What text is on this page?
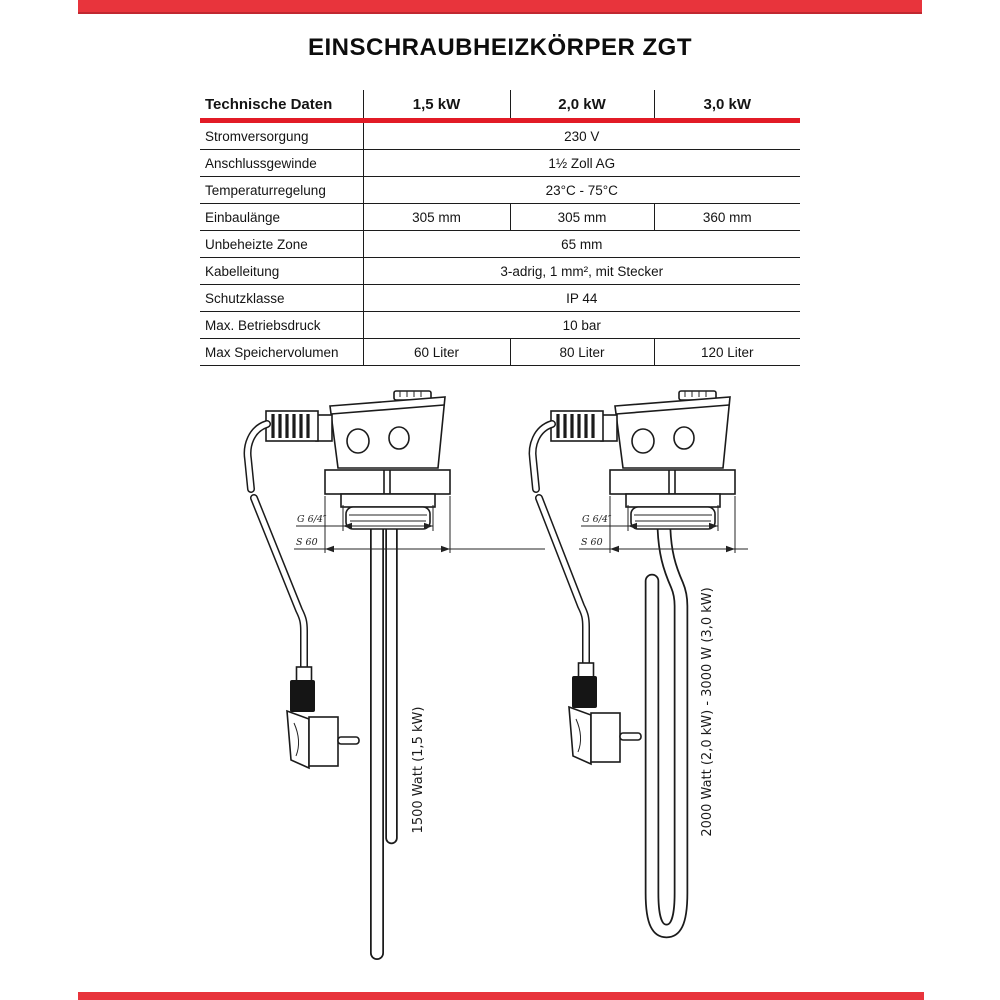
EINSCHRAUBHEIZKÖRPER ZGT
Technische Daten	1,5 kW	2,0 kW	3,0 kW
Stromversorgung	230 V		
Anschlussgewinde	1½ Zoll AG		
Temperaturregelung	23°C - 75°C		
Einbaulänge	305 mm	305 mm	360 mm
Unbeheizte Zone	65 mm		
Kabelleitung	3-adrig, 1 mm², mit Stecker		
Schutzklasse	IP 44		
Max. Betriebsdruck	10 bar		
Max Speichervolumen	60 Liter	80 Liter	120 Liter
G 6/4″
S 60
1500 Watt (1,5 kW)
G 6/4″
S 60
2000 Watt (2,0 kW) - 3000 W (3,0 kW)
